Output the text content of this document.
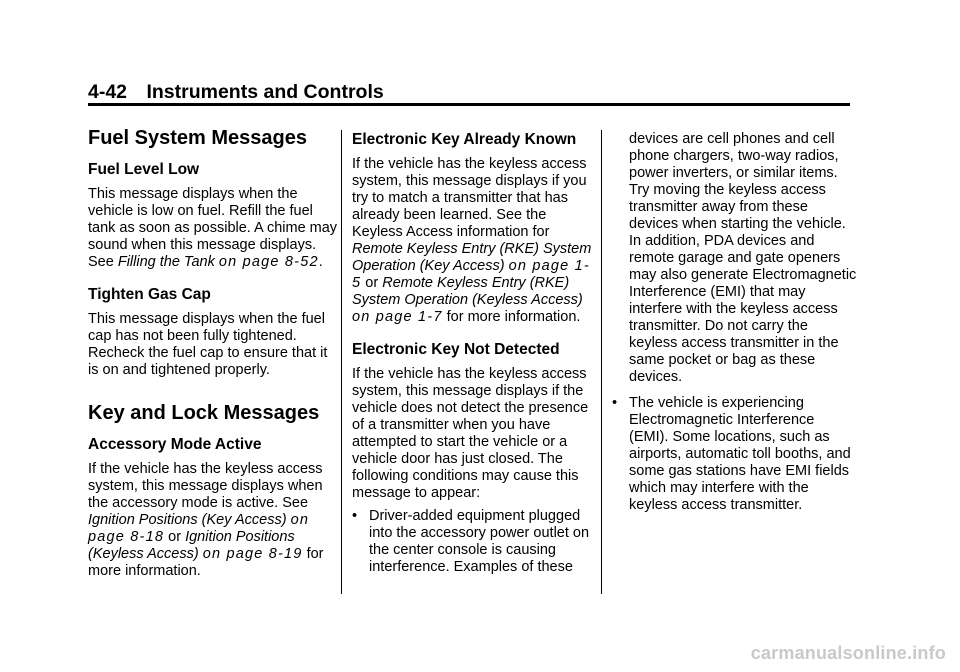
4-42 Instruments and Controls
Fuel System Messages
Fuel Level Low

This message displays when the vehicle is low on fuel. Refill the fuel tank as soon as possible. A chime may sound when this message displays. See Filling the Tank on page 8-52.

Tighten Gas Cap

This message displays when the fuel cap has not been fully tightened. Recheck the fuel cap to ensure that it is on and tightened properly.

Key and Lock Messages
Accessory Mode Active

If the vehicle has the keyless access system, this message displays when the accessory mode is active. See Ignition Positions (Key Access) on page 8-18 or Ignition Positions (Keyless Access) on page 8-19 for more information.

Electronic Key Already Known

If the vehicle has the keyless access system, this message displays if you try to match a transmitter that has already been learned. See the Keyless Access information for Remote Keyless Entry (RKE) System Operation (Key Access) on page 1-5 or Remote Keyless Entry (RKE) System Operation (Keyless Access) on page 1-7 for more information.

Electronic Key Not Detected

If the vehicle has the keyless access system, this message displays if the vehicle does not detect the presence of a transmitter when you have attempted to start the vehicle or a vehicle door has just closed. The following conditions may cause this message to appear:

• Driver-added equipment plugged into the accessory power outlet on the center console is causing interference. Examples of these

devices are cell phones and cell phone chargers, two-way radios, power inverters, or similar items. Try moving the keyless access transmitter away from these devices when starting the vehicle. In addition, PDA devices and remote garage and gate openers may also generate Electromagnetic Interference (EMI) that may interfere with the keyless access transmitter. Do not carry the keyless access transmitter in the same pocket or bag as these devices.

• The vehicle is experiencing Electromagnetic Interference (EMI). Some locations, such as airports, automatic toll booths, and some gas stations have EMI fields which may interfere with the keyless access transmitter.
carmanualsonline.info
